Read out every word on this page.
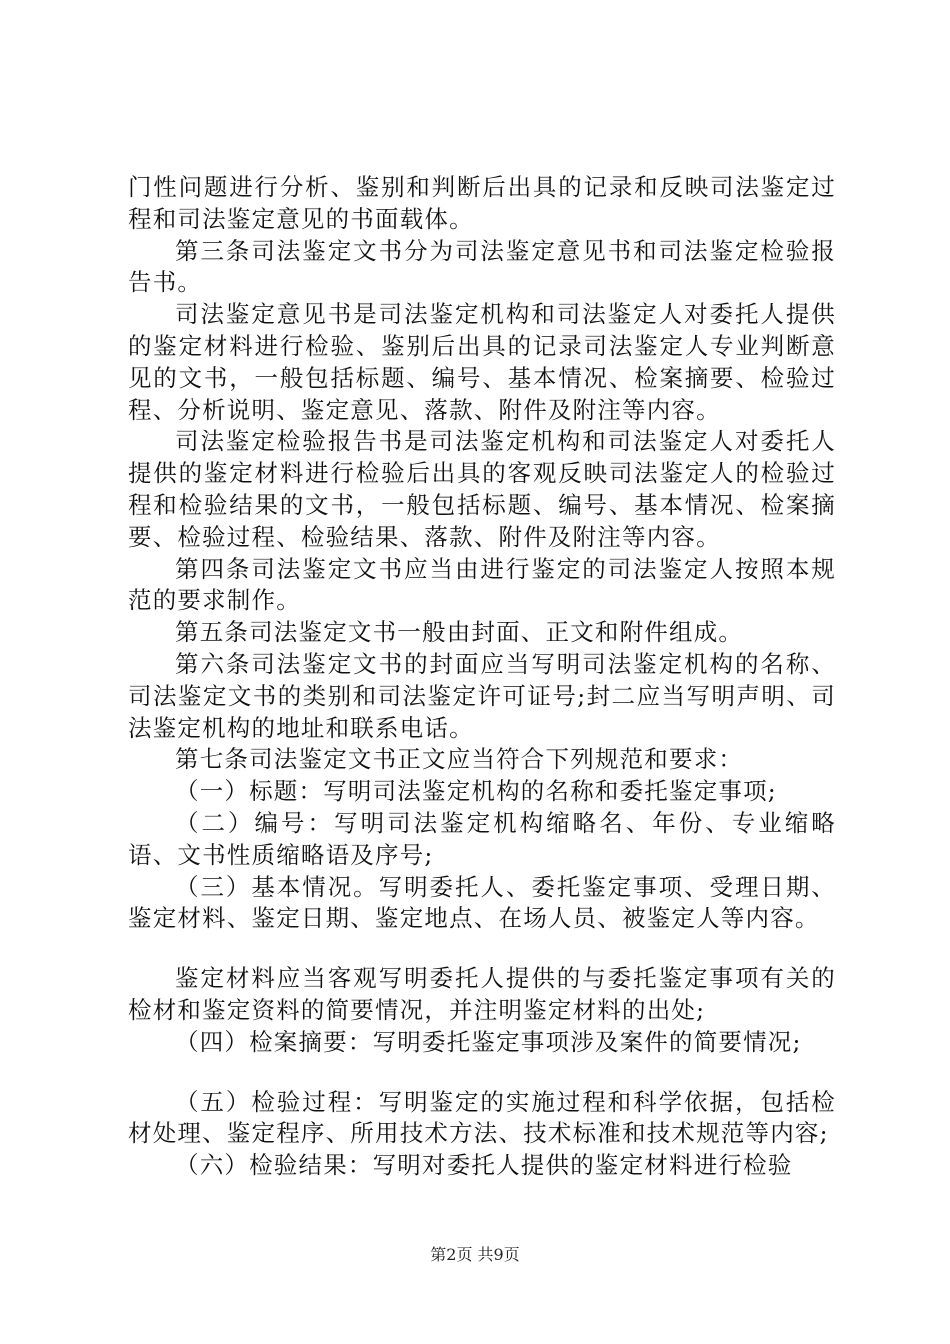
门性问题进行分析、鉴别和判断后出具的记录和反映司法鉴定过程和司法鉴定意见的书面载体。

第三条司法鉴定文书分为司法鉴定意见书和司法鉴定检验报告书。

司法鉴定意见书是司法鉴定机构和司法鉴定人对委托人提供的鉴定材料进行检验、鉴别后出具的记录司法鉴定人专业判断意见的文书，一般包括标题、编号、基本情况、检案摘要、检验过程、分析说明、鉴定意见、落款、附件及附注等内容。

司法鉴定检验报告书是司法鉴定机构和司法鉴定人对委托人提供的鉴定材料进行检验后出具的客观反映司法鉴定人的检验过程和检验结果的文书，一般包括标题、编号、基本情况、检案摘要、检验过程、检验结果、落款、附件及附注等内容。

第四条司法鉴定文书应当由进行鉴定的司法鉴定人按照本规范的要求制作。

第五条司法鉴定文书一般由封面、正文和附件组成。

第六条司法鉴定文书的封面应当写明司法鉴定机构的名称、司法鉴定文书的类别和司法鉴定许可证号;封二应当写明声明、司法鉴定机构的地址和联系电话。

第七条司法鉴定文书正文应当符合下列规范和要求：

（一）标题：写明司法鉴定机构的名称和委托鉴定事项;

（二）编号：写明司法鉴定机构缩略名、年份、专业缩略语、文书性质缩略语及序号;

（三）基本情况。写明委托人、委托鉴定事项、受理日期、鉴定材料、鉴定日期、鉴定地点、在场人员、被鉴定人等内容。

鉴定材料应当客观写明委托人提供的与委托鉴定事项有关的检材和鉴定资料的简要情况，并注明鉴定材料的出处;

（四）检案摘要：写明委托鉴定事项涉及案件的简要情况;

（五）检验过程：写明鉴定的实施过程和科学依据，包括检材处理、鉴定程序、所用技术方法、技术标准和技术规范等内容;

（六）检验结果：写明对委托人提供的鉴定材料进行检验

第2页 共9页
